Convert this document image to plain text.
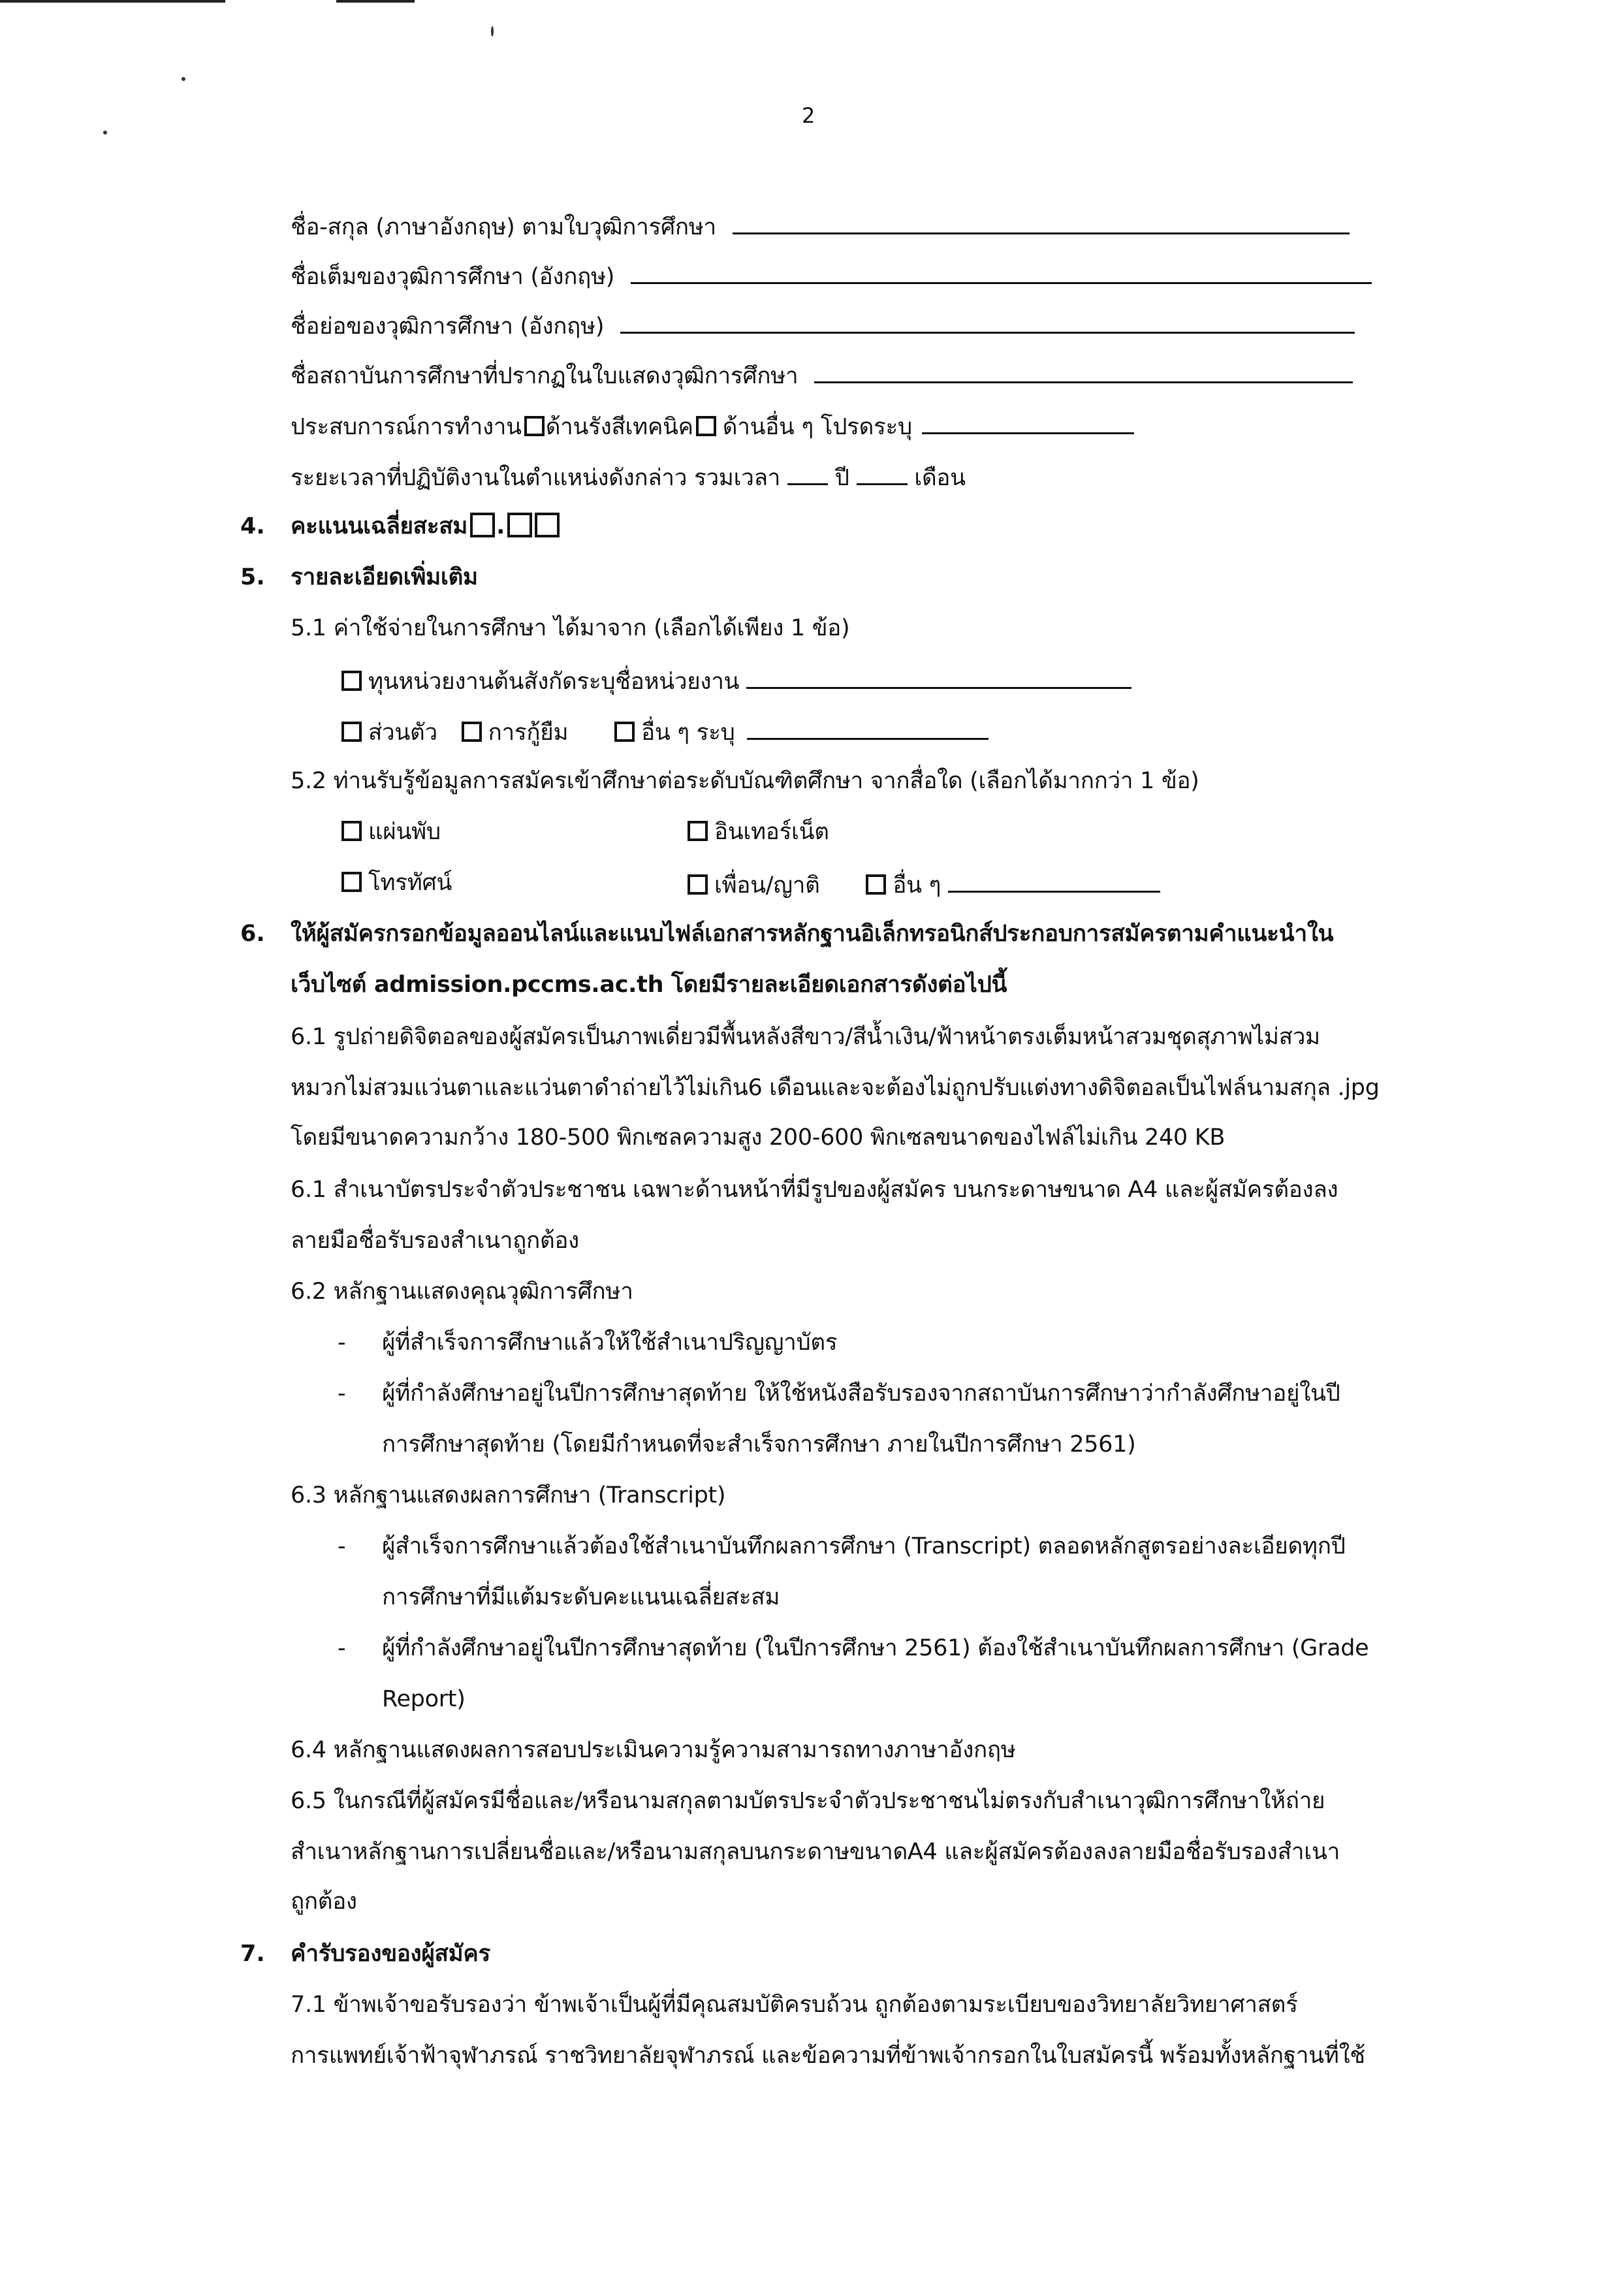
2
ชื่อ-สกุล (ภาษาอังกฤษ) ตามใบวุฒิการศึกษา
ชื่อเต็มของวุฒิการศึกษา (อังกฤษ)
ชื่อย่อของวุฒิการศึกษา (อังกฤษ)
ชื่อสถาบันการศึกษาที่ปรากฏในใบแสดงวุฒิการศึกษา
ประสบการณ์การทำงาน ด้านรังสีเทคนิค ด้านอื่น ๆ โปรดระบุ
ระยะเวลาที่ปฏิบัติงานในตำแหน่งดังกล่าว รวมเวลา ปี	เดือน
4. คะแนนเฉลี่ยสะสม .
5. รายละเอียดเพิ่มเติม
5.1 ค่าใช้จ่ายในการศึกษา ได้มาจาก (เลือกได้เพียง 1 ข้อ)
ทุนหน่วยงานต้นสังกัดระบุชื่อหน่วยงาน
ส่วนตัว การกู้ยืม	อื่น ๆ ระบุ
5.2 ท่านรับรู้ข้อมูลการสมัครเข้าศึกษาต่อระดับบัณฑิตศึกษา จากสื่อใด (เลือกได้มากกว่า 1 ข้อ)
แผ่นพับ	อินเทอร์เน็ต
โทรทัศน์	เพื่อน/ญาติ	อื่น ๆ
6. ให้ผู้สมัครกรอกข้อมูลออนไลน์และแนบไฟล์เอกสารหลักฐานอิเล็กทรอนิกส์ประกอบการสมัครตามคำแนะนำใน
เว็บไซต์ admission.pccms.ac.th โดยมีรายละเอียดเอกสารดังต่อไปนี้
6.1 รูปถ่ายดิจิตอลของผู้สมัครเป็นภาพเดี่ยวมีพื้นหลังสีขาว/สีน้ำเงิน/ฟ้าหน้าตรงเต็มหน้าสวมชุดสุภาพไม่สวม
หมวกไม่สวมแว่นตาและแว่นตาดำถ่ายไว้ไม่เกิน6 เดือนและจะต้องไม่ถูกปรับแต่งทางดิจิตอลเป็นไฟล์นามสกุล .jpg
โดยมีขนาดความกว้าง 180-500 พิกเซลความสูง 200-600 พิกเซลขนาดของไฟล์ไม่เกิน 240 KB
6.1 สำเนาบัตรประจำตัวประชาชน เฉพาะด้านหน้าที่มีรูปของผู้สมัคร บนกระดาษขนาด A4 และผู้สมัครต้องลง
ลายมือชื่อรับรองสำเนาถูกต้อง
6.2 หลักฐานแสดงคุณวุฒิการศึกษา
- ผู้ที่สำเร็จการศึกษาแล้วให้ใช้สำเนาปริญญาบัตร
- ผู้ที่กำลังศึกษาอยู่ในปีการศึกษาสุดท้าย ให้ใช้หนังสือรับรองจากสถาบันการศึกษาว่ากำลังศึกษาอยู่ในปี
การศึกษาสุดท้าย (โดยมีกำหนดที่จะสำเร็จการศึกษา ภายในปีการศึกษา 2561)
6.3 หลักฐานแสดงผลการศึกษา (Transcript)
- ผู้สำเร็จการศึกษาแล้วต้องใช้สำเนาบันทึกผลการศึกษา (Transcript) ตลอดหลักสูตรอย่างละเอียดทุกปี
การศึกษาที่มีแต้มระดับคะแนนเฉลี่ยสะสม
- ผู้ที่กำลังศึกษาอยู่ในปีการศึกษาสุดท้าย (ในปีการศึกษา 2561) ต้องใช้สำเนาบันทึกผลการศึกษา (Grade
Report)
6.4 หลักฐานแสดงผลการสอบประเมินความรู้ความสามารถทางภาษาอังกฤษ
6.5 ในกรณีที่ผู้สมัครมีชื่อและ/หรือนามสกุลตามบัตรประจำตัวประชาชนไม่ตรงกับสำเนาวุฒิการศึกษาให้ถ่าย
สำเนาหลักฐานการเปลี่ยนชื่อและ/หรือนามสกุลบนกระดาษขนาดA4 และผู้สมัครต้องลงลายมือชื่อรับรองสำเนา
ถูกต้อง
7. คำรับรองของผู้สมัคร
7.1 ข้าพเจ้าขอรับรองว่า ข้าพเจ้าเป็นผู้ที่มีคุณสมบัติครบถ้วน ถูกต้องตามระเบียบของวิทยาลัยวิทยาศาสตร์
การแพทย์เจ้าฟ้าจุฬาภรณ์ ราชวิทยาลัยจุฬาภรณ์ และข้อความที่ข้าพเจ้ากรอกในใบสมัครนี้ พร้อมทั้งหลักฐานที่ใช้
